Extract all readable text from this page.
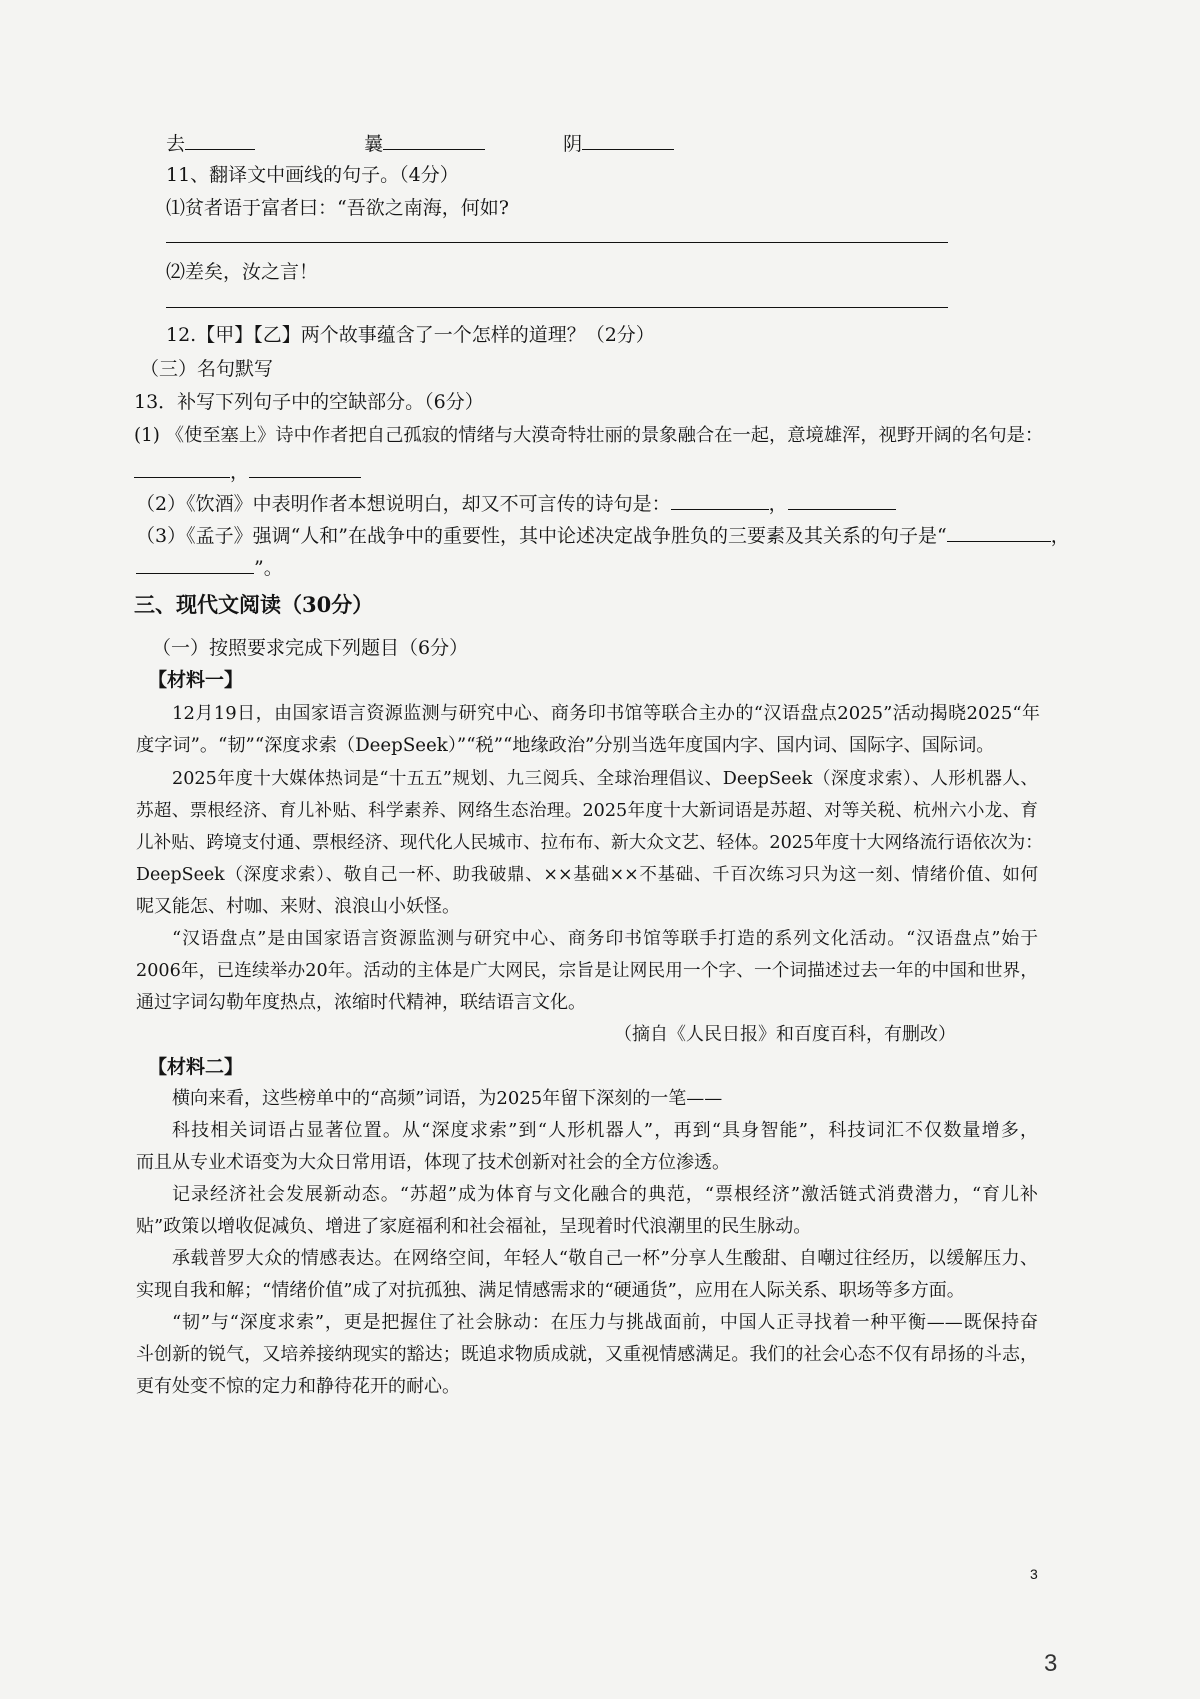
去	曩	阴
11、翻译文中画线的句子。（4分）
⑴贫者语于富者曰：“吾欲之南海，何如?
⑵差矣，汝之言！
12.【甲】【乙】两个故事蕴含了一个怎样的道理？（2分）
（三）名句默写
13．补写下列句子中的空缺部分。（6分）
(1) 《使至塞上》诗中作者把自己孤寂的情绪与大漠奇特壮丽的景象融合在一起，意境雄浑，视野开阔的名句是：
，
（2）《饮酒》中表明作者本想说明白，却又不可言传的诗句是：	，
（3）《孟子》强调“人和”在战争中的重要性，其中论述决定战争胜负的三要素及其关系的句子是“	，
”。
三、现代文阅读（30分）
（一）按照要求完成下列题目（6分）
【材料一】
12月19日，由国家语言资源监测与研究中心、商务印书馆等联合主办的“汉语盘点2025”活动揭晓2025“年
度字词”。“韧”“深度求索（DeepSeek）”“税”“地缘政治”分别当选年度国内字、国内词、国际字、国际词。
2025年度十大媒体热词是“十五五”规划、九三阅兵、全球治理倡议、DeepSeek（深度求索）、人形机器人、
苏超、票根经济、育儿补贴、科学素养、网络生态治理。2025年度十大新词语是苏超、对等关税、杭州六小龙、育
儿补贴、跨境支付通、票根经济、现代化人民城市、拉布布、新大众文艺、轻体。2025年度十大网络流行语依次为：
DeepSeek（深度求索）、敬自己一杯、助我破鼎、××基础××不基础、千百次练习只为这一刻、情绪价值、如何
呢又能怎、村咖、来财、浪浪山小妖怪。
“汉语盘点”是由国家语言资源监测与研究中心、商务印书馆等联手打造的系列文化活动。“汉语盘点”始于
2006年，已连续举办20年。活动的主体是广大网民，宗旨是让网民用一个字、一个词描述过去一年的中国和世界，
通过字词勾勒年度热点，浓缩时代精神，联结语言文化。
（摘自《人民日报》和百度百科，有删改）
【材料二】
横向来看，这些榜单中的“高频”词语，为2025年留下深刻的一笔——
科技相关词语占显著位置。从“深度求索”到“人形机器人”，再到“具身智能”，科技词汇不仅数量增多，
而且从专业术语变为大众日常用语，体现了技术创新对社会的全方位渗透。
记录经济社会发展新动态。“苏超”成为体育与文化融合的典范，“票根经济”激活链式消费潜力，“育儿补
贴”政策以增收促减负、增进了家庭福利和社会福祉，呈现着时代浪潮里的民生脉动。
承载普罗大众的情感表达。在网络空间，年轻人“敬自己一杯”分享人生酸甜、自嘲过往经历，以缓解压力、
实现自我和解；“情绪价值”成了对抗孤独、满足情感需求的“硬通货”，应用在人际关系、职场等多方面。
“韧”与“深度求索”，更是把握住了社会脉动：在压力与挑战面前，中国人正寻找着一种平衡——既保持奋
斗创新的锐气，又培养接纳现实的豁达；既追求物质成就，又重视情感满足。我们的社会心态不仅有昂扬的斗志，
更有处变不惊的定力和静待花开的耐心。
3
3
